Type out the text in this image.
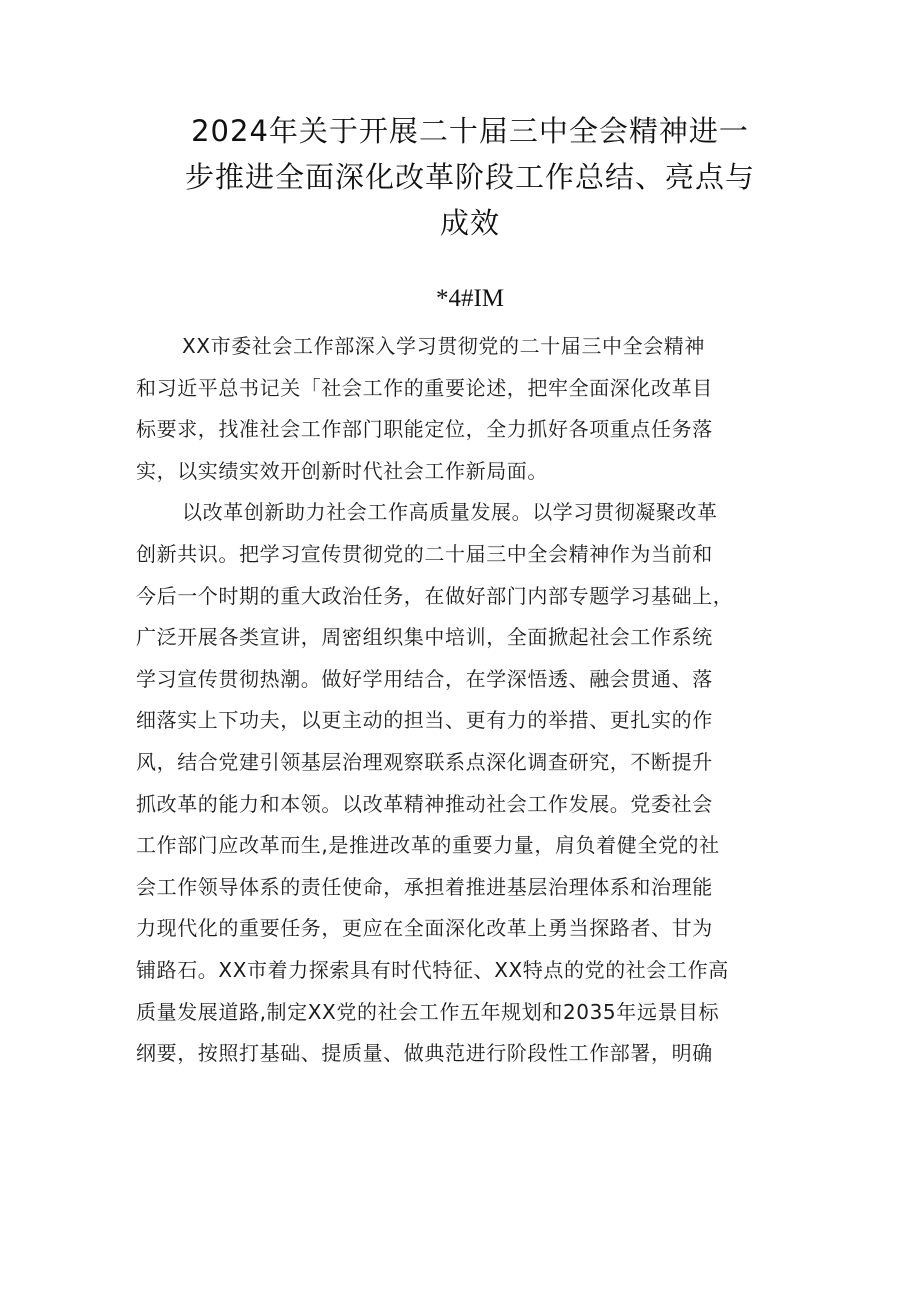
2024年关于开展二十届三中全会精神进一
步推进全面深化改革阶段工作总结、亮点与
成效
*4#IM
XX市委社会工作部深入学习贯彻党的二十届三中全会精神
和习近平总书记关「社会工作的重要论述，把牢全面深化改革目
标要求，找准社会工作部门职能定位，全力抓好各项重点任务落
实，以实绩实效开创新时代社会工作新局面。
以改革创新助力社会工作高质量发展。以学习贯彻凝聚改革
创新共识。把学习宣传贯彻党的二十届三中全会精神作为当前和
今后一个时期的重大政治任务，在做好部门内部专题学习基础上，
广泛开展各类宣讲，周密组织集中培训，全面掀起社会工作系统
学习宣传贯彻热潮。做好学用结合，在学深悟透、融会贯通、落
细落实上下功夫，以更主动的担当、更有力的举措、更扎实的作
风，结合党建引领基层治理观察联系点深化调查研究，不断提升
抓改革的能力和本领。以改革精神推动社会工作发展。党委社会
工作部门应改革而生,是推进改革的重要力量，肩负着健全党的社
会工作领导体系的责任使命，承担着推进基层治理体系和治理能
力现代化的重要任务，更应在全面深化改革上勇当探路者、甘为
铺路石。XX市着力探索具有时代特征、XX特点的党的社会工作高
质量发展道路,制定XX党的社会工作五年规划和2035年远景目标
纲要，按照打基础、提质量、做典范进行阶段性工作部署，明确
